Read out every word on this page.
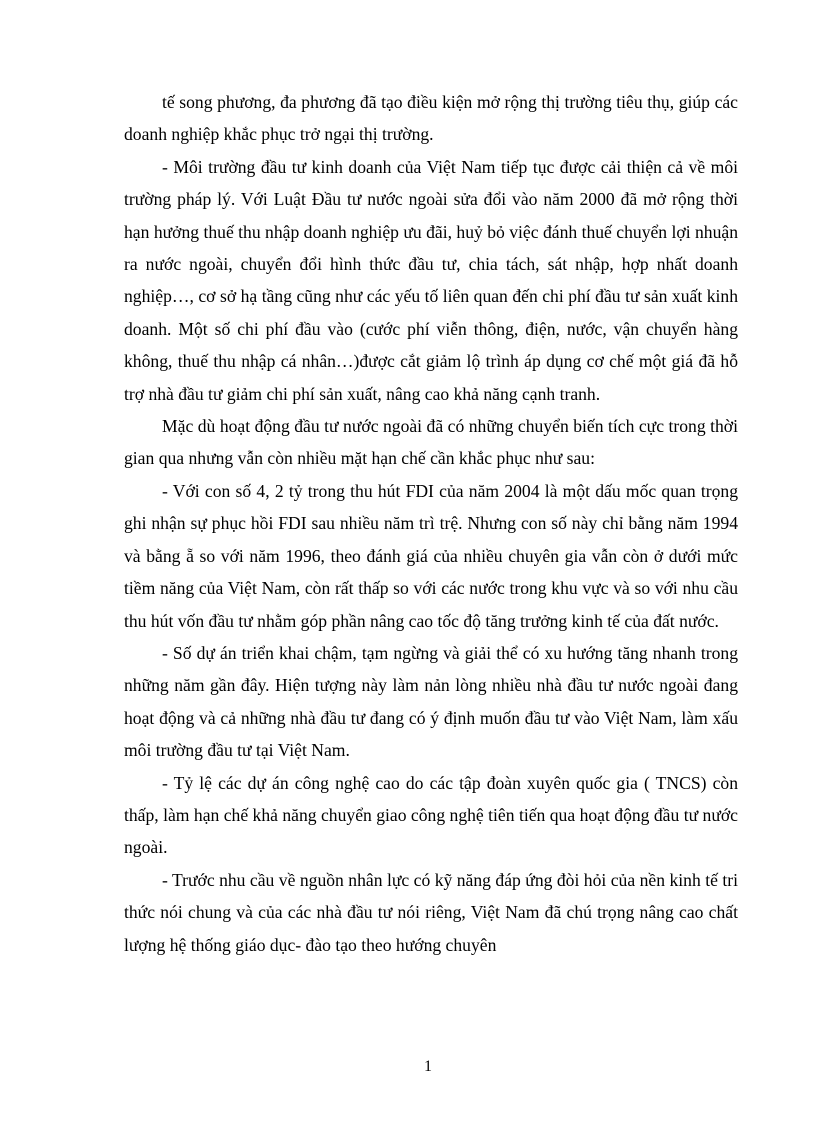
tế song phương, đa phương đã tạo điều kiện mở rộng thị trường tiêu thụ, giúp các doanh nghiệp khắc phục trở ngại thị trường.

- Môi trường đầu tư kinh doanh của Việt Nam tiếp tục được cải thiện cả về môi trường pháp lý. Với Luật Đầu tư nước ngoài sửa đổi vào năm 2000 đã mở rộng thời hạn hưởng thuế thu nhập doanh nghiệp ưu đãi, huỷ bỏ việc đánh thuế chuyển lợi nhuận ra nước ngoài, chuyển đổi hình thức đầu tư, chia tách, sát nhập, hợp nhất doanh nghiệp…, cơ sở hạ tầng cũng như các yếu tố liên quan đến chi phí đầu tư sản xuất kinh doanh. Một số chi phí đầu vào (cước phí viễn thông, điện, nước, vận chuyển hàng không, thuế thu nhập cá nhân…)được cắt giảm lộ trình áp dụng cơ chế một giá đã hỗ trợ nhà đầu tư giảm chi phí sản xuất, nâng cao khả năng cạnh tranh.

Mặc dù hoạt động đầu tư nước ngoài đã có những chuyển biến tích cực trong thời gian qua nhưng vẫn còn nhiều mặt hạn chế cần khắc phục như sau:

- Với con số 4, 2 tỷ trong thu hút FDI của năm 2004 là một dấu mốc quan trọng ghi nhận sự phục hồi FDI sau nhiều năm trì trệ. Nhưng con số này chỉ bằng năm 1994 và bằng ẵ so với năm 1996, theo đánh giá của nhiều chuyên gia vẫn còn ở dưới mức tiềm năng của Việt Nam, còn rất thấp so với các nước trong khu vực và so với nhu cầu thu hút vốn đầu tư nhằm góp phần nâng cao tốc độ tăng trưởng kinh tế của đất nước.

- Số dự án triển khai chậm, tạm ngừng và giải thể có xu hướng tăng nhanh trong những năm gần đây. Hiện tượng này làm nản lòng nhiều nhà đầu tư nước ngoài đang hoạt động và cả những nhà đầu tư đang có ý định muốn đầu tư vào Việt Nam, làm xấu môi trường đầu tư tại Việt Nam.

- Tỷ lệ các dự án công nghệ cao do các tập đoàn xuyên quốc gia ( TNCS) còn thấp, làm hạn chế khả năng chuyển giao công nghệ tiên tiến qua hoạt động đầu tư nước ngoài.

- Trước nhu cầu về nguồn nhân lực có kỹ năng đáp ứng đòi hỏi của nền kinh tế tri thức nói chung và của các nhà đầu tư nói riêng, Việt Nam đã chú trọng nâng cao chất lượng hệ thống giáo dục- đào tạo theo hướng chuyên

1
